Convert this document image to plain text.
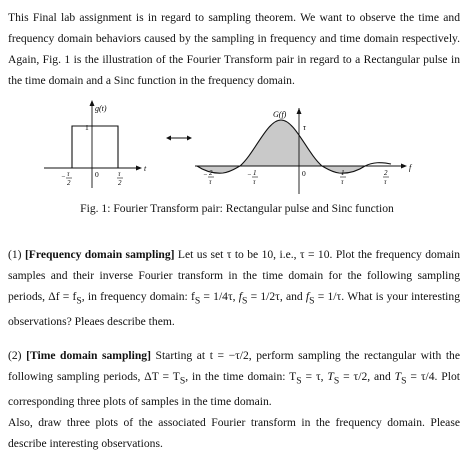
This Final lab assignment is in regard to sampling theorem. We want to observe the time and frequency domain behaviors caused by the sampling in frequency and time domain respectively. Again, Fig. 1 is the illustration of the Fourier Transform pair in regard to a Rectangular pulse in the time domain and a Sinc function in the frequency domain.

g(t)
1
0
t
− τ
2
τ
2
G(f)
τ
0
f
− 2
τ
− 1
τ
1
τ
2
τ

Fig. 1: Fourier Transform pair: Rectangular pulse and Sinc function

(1) [Frequency domain sampling] Let us set τ to be 10, i.e., τ = 10. Plot the frequency domain samples and their inverse Fourier transform in the time domain for the following sampling periods, $\Delta f = f_S$, in frequency domain: $f_S = 1/4\tau$, $f_S = 1/2\tau$, and $f_S = 1/\tau$. What is your interesting observations? Pleaes describe them.

(2) [Time domain sampling] Starting at t = −τ/2, perform sampling the rectangular with the following sampling periods, $\Delta T = T_S$, in the time domain: $T_S = \tau$, $T_S = \tau/2$, and $T_S = \tau/4$. Plot corresponding three plots of samples in the time domain.
Also, draw three plots of the associated Fourier transform in the frequency domain. Please describe interesting observations.
